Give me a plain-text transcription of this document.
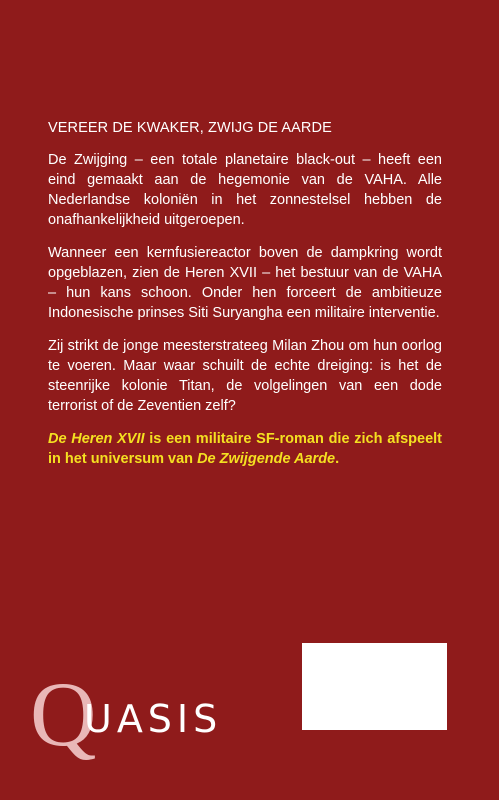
VEREER DE KWAKER, ZWIJG DE AARDE

De Zwijging – een totale planetaire black-out – heeft een eind gemaakt aan de hegemonie van de VAHA. Alle Nederlandse koloniën in het zonnestelsel hebben de onafhankelijkheid uitgeroepen.

Wanneer een kernfusiereactor boven de dampkring wordt opgeblazen, zien de Heren XVII – het bestuur van de VAHA – hun kans schoon. Onder hen forceert de ambitieuze Indonesische prinses Siti Suryangha een militaire interventie.

Zij strikt de jonge meesterstrateeg Milan Zhou om hun oorlog te voeren. Maar waar schuilt de echte dreiging: is het de steenrijke kolonie Titan, de volgelingen van een dode terrorist of de Zeventien zelf?

De Heren XVII is een militaire SF-roman die zich afspeelt in het universum van De Zwijgende Aarde.

Q
UASIS
